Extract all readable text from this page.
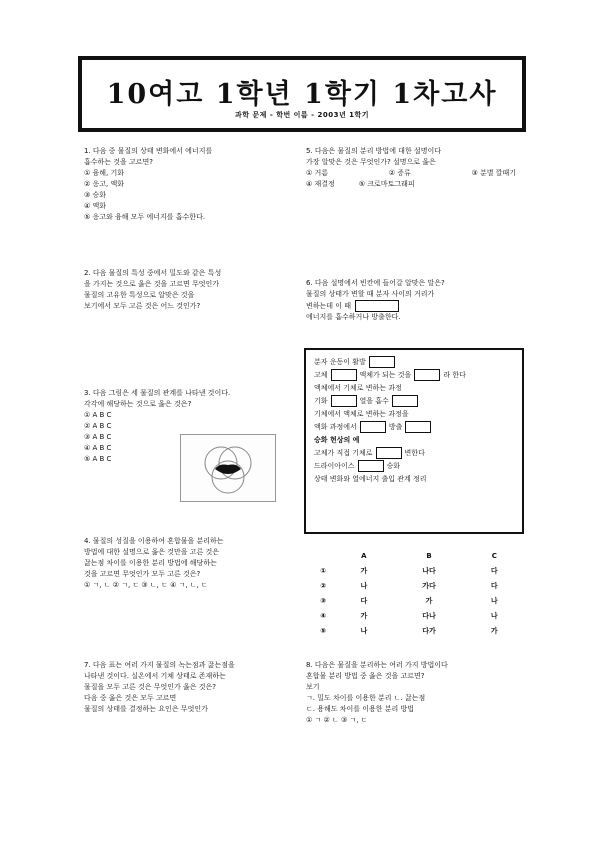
10여고 1학년 1학기 1차고사
과학 문제 - 학번 이름 - 2003년 1학기

1. 다음 중 물질의 상태 변화에서 에너지를

흡수하는 것을 고르면?

① 융해, 기화

② 응고, 액화

③ 승화

④ 액화

⑤ 응고와 융해 모두 에너지를 흡수한다.

2. 다음 물질의 특성 중에서 밀도와 같은 특성

을 가지는 것으로 옳은 것을 고르면 무엇인가

물질의 고유한 특성으로 알맞은 것을

보기에서 모두 고른 것은 어느 것인가?

3. 다음 그림은 세 물질의 관계를 나타낸 것이다.

각각에 해당하는 것으로 옳은 것은?

① A B C

② A B C

③ A B C

④ A B C

⑤ A B C

4. 물질의 성질을 이용하여 혼합물을 분리하는

방법에 대한 설명으로 옳은 것만을 고른 것은

끓는점 차이를 이용한 분리 방법에 해당하는

것을 고르면 무엇인가 모두 고른 것은?

① ㄱ, ㄴ ② ㄱ, ㄷ ③ ㄴ, ㄷ ④ ㄱ, ㄴ, ㄷ

7. 다음 표는 여러 가지 물질의 녹는점과 끓는점을

나타낸 것이다. 실온에서 기체 상태로 존재하는

물질을 모두 고른 것은 무엇인가 옳은 것은?

다음 중 옳은 것은 모두 고르면

물질의 상태를 결정하는 요인은 무엇인가

5. 다음은 물질의 분리 방법에 대한 설명이다

가장 알맞은 것은 무엇인가? 설명으로 옳은

① 거름	② 증류	③ 분별 깔때기
④ 재결정	⑤ 크로마토그래피

6. 다음 설명에서 빈칸에 들어갈 알맞은 말은?

물질의 상태가 변할 때 분자 사이의 거리가

변하는데 이 때

에너지를 흡수하거나 방출한다.

분자 운동이 활발

고체	액체가 되는 것을	라 한다

액체에서 기체로 변하는 과정

기화	열을 흡수

기체에서 액체로 변하는 과정을

액화 과정에서	방출

승화 현상의 예

고체가 직접 기체로	변한다

드라이아이스	승화

상태 변화와 열에너지 출입 관계 정리

	A	B	C
①	가	나다	다
②	나	가다	다
③	다	가	나
④	가	다나	나
⑤	나	다가	가

8. 다음은 물질을 분리하는 여러 가지 방법이다

혼합물 분리 방법 중 옳은 것을 고르면?

보기

ㄱ. 밀도 차이를 이용한 분리 ㄴ. 끓는점

ㄷ. 용해도 차이를 이용한 분리 방법

① ㄱ ② ㄴ ③ ㄱ, ㄷ
